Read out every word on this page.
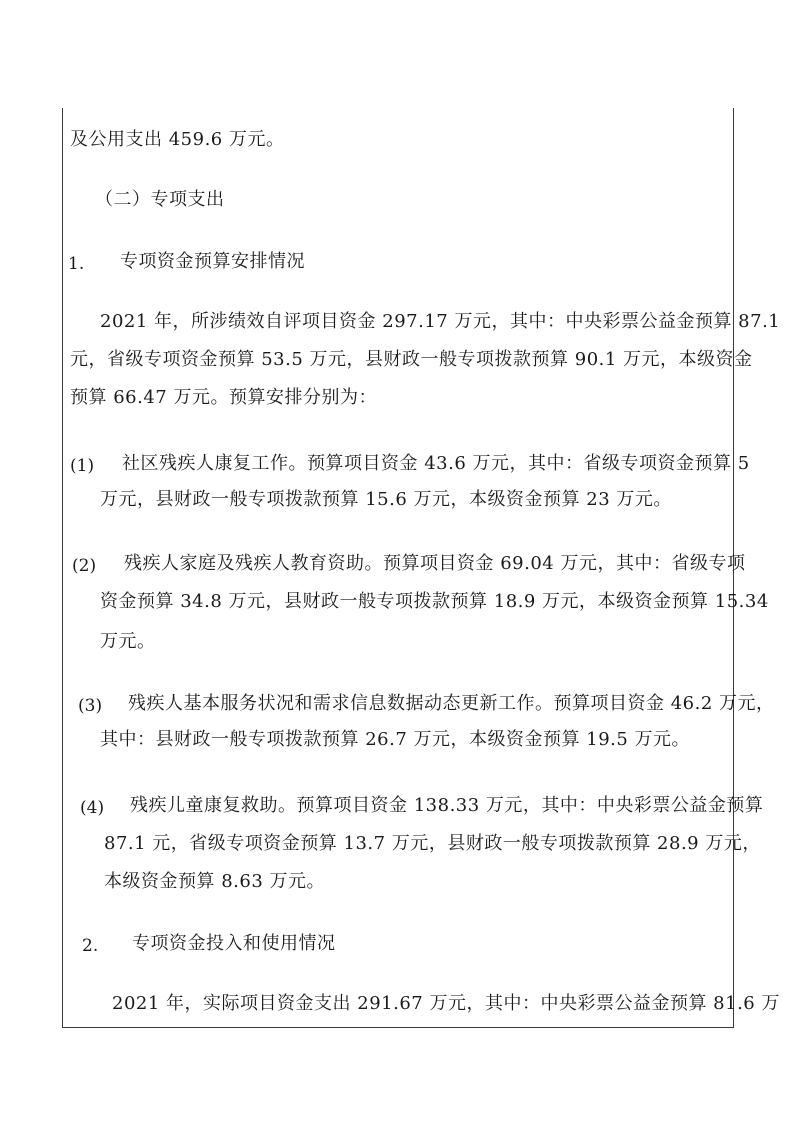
及公用支出 459.6 万元。
（二）专项支出
1. 专项资金预算安排情况
2021 年，所涉绩效自评项目资金 297.17 万元，其中：中央彩票公益金预算 87.1
元，省级专项资金预算 53.5 万元，县财政一般专项拨款预算 90.1 万元，本级资金
预算 66.47 万元。预算安排分别为：
(1) 社区残疾人康复工作。预算项目资金 43.6 万元，其中：省级专项资金预算 5
万元，县财政一般专项拨款预算 15.6 万元，本级资金预算 23 万元。
(2) 残疾人家庭及残疾人教育资助。预算项目资金 69.04 万元，其中：省级专项
资金预算 34.8 万元，县财政一般专项拨款预算 18.9 万元，本级资金预算 15.34
万元。
(3) 残疾人基本服务状况和需求信息数据动态更新工作。预算项目资金 46.2 万元，
其中：县财政一般专项拨款预算 26.7 万元，本级资金预算 19.5 万元。
(4) 残疾儿童康复救助。预算项目资金 138.33 万元，其中：中央彩票公益金预算
87.1 元，省级专项资金预算 13.7 万元，县财政一般专项拨款预算 28.9 万元，
本级资金预算 8.63 万元。
2. 专项资金投入和使用情况
2021 年，实际项目资金支出 291.67 万元，其中：中央彩票公益金预算 81.6 万
